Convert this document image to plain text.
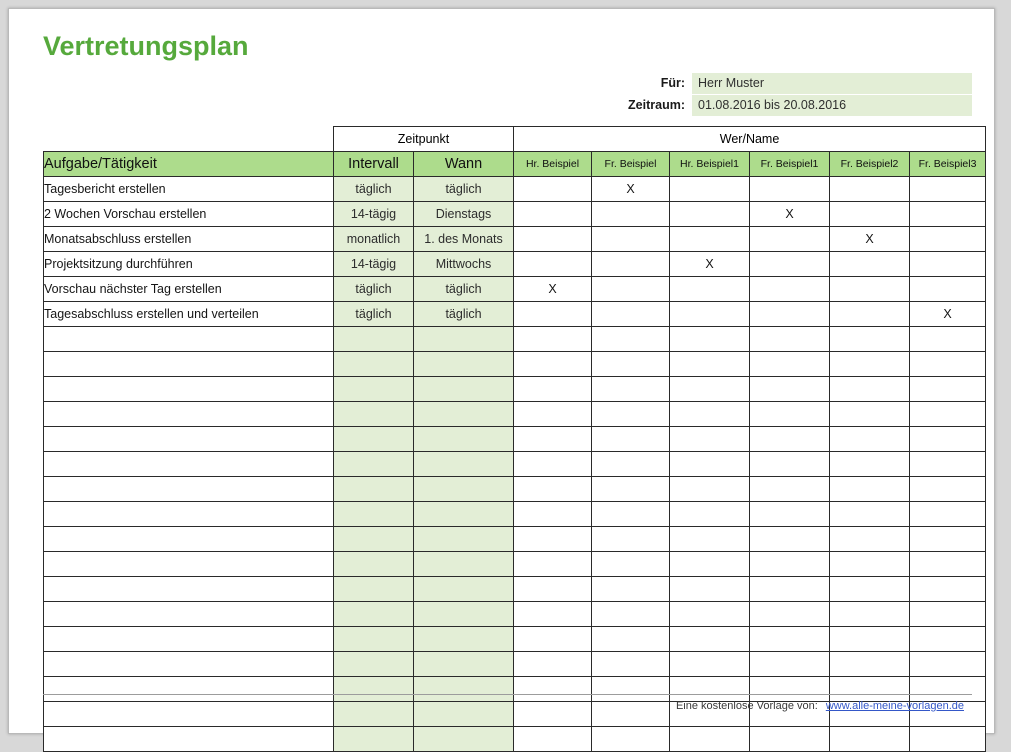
Vertretungsplan
Für:	Herr Muster
Zeitraum:	01.08.2016 bis 20.08.2016
	Zeitpunkt		Wer/Name					
Aufgabe/Tätigkeit	Intervall	Wann	Hr. Beispiel	Fr. Beispiel	Hr. Beispiel1	Fr. Beispiel1	Fr. Beispiel2	Fr. Beispiel3
Tagesbericht erstellen	täglich	täglich		X				
2 Wochen Vorschau erstellen	14-tägig	Dienstags				X		
Monatsabschluss erstellen	monatlich	1. des Monats					X	
Projektsitzung durchführen	14-tägig	Mittwochs			X			
Vorschau nächster Tag erstellen	täglich	täglich	X					
Tagesabschluss erstellen und verteilen	täglich	täglich						X

Eine kostenlose Vorlage von: www.alle-meine-vorlagen.de
